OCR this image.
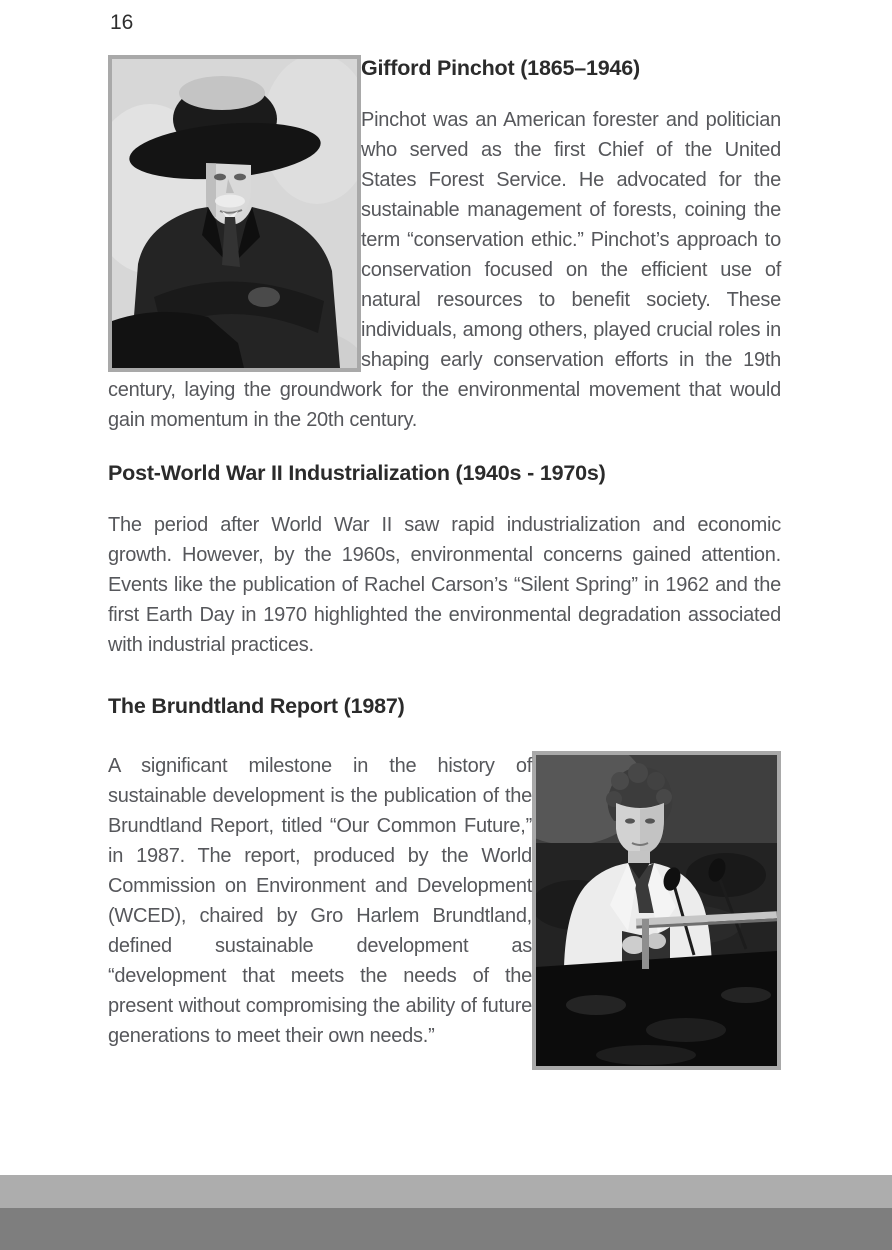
16
Gifford Pinchot (1865–1946)

Pinchot was an American forester and politician who served as the first Chief of the United States Forest Service. He advocated for the sustainable management of forests, coining the term “conservation ethic.” Pinchot’s approach to conservation focused on the efficient use of natural resources to benefit society. These individuals, among others, played crucial roles in shaping early conservation efforts in the 19th century, laying the groundwork for the environmental movement that would gain momentum in the 20th century.

Post-World War II Industrialization (1940s - 1970s)

The period after World War II saw rapid industrialization and economic growth. However, by the 1960s, environmental concerns gained attention. Events like the publication of Rachel Carson’s “Silent Spring” in 1962 and the first Earth Day in 1970 highlighted the environmental degradation associated with industrial practices.

The Brundtland Report (1987)

A significant milestone in the history of sustainable development is the publication of the Brundtland Report, titled “Our Common Future,” in 1987. The report, produced by the World Commission on Environment and Development (WCED), chaired by Gro Harlem Brundtland, defined sustainable development as “development that meets the needs of the present without compromising the ability of future generations to meet their own needs.”
